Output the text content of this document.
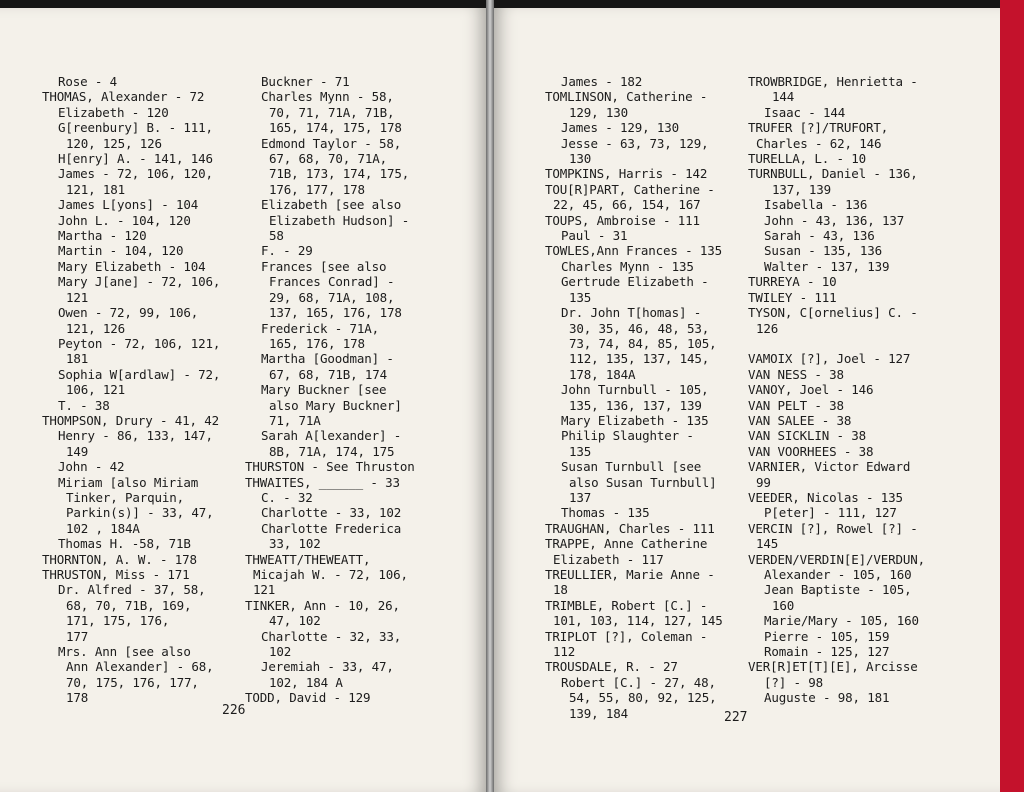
Rose - 4
THOMAS, Alexander - 72
Elizabeth - 120
G[reenbury] B. - 111,
120, 125, 126
H[enry] A. - 141, 146
James - 72, 106, 120,
121, 181
James L[yons] - 104
John L. - 104, 120
Martha - 120
Martin - 104, 120
Mary Elizabeth - 104
Mary J[ane] - 72, 106,
121
Owen - 72, 99, 106,
121, 126
Peyton - 72, 106, 121,
181
Sophia W[ardlaw] - 72,
106, 121
T. - 38
THOMPSON, Drury - 41, 42
Henry - 86, 133, 147,
149
John - 42
Miriam [also Miriam
Tinker, Parquin,
Parkin(s)] - 33, 47,
102 , 184A
Thomas H. -58, 71B
THORNTON, A. W. - 178
THRUSTON, Miss - 171
Dr. Alfred - 37, 58,
68, 70, 71B, 169,
171, 175, 176,
177
Mrs. Ann [see also
Ann Alexander] - 68,
70, 175, 176, 177,
178
Buckner - 71
Charles Mynn - 58,
70, 71, 71A, 71B,
165, 174, 175, 178
Edmond Taylor - 58,
67, 68, 70, 71A,
71B, 173, 174, 175,
176, 177, 178
Elizabeth [see also
Elizabeth Hudson] -
58
F. - 29
Frances [see also
Frances Conrad] -
29, 68, 71A, 108,
137, 165, 176, 178
Frederick - 71A,
165, 176, 178
Martha [Goodman] -
67, 68, 71B, 174
Mary Buckner [see
also Mary Buckner]
71, 71A
Sarah A[lexander] -
8B, 71A, 174, 175
THURSTON - See Thruston
THWAITES, ______ - 33
C. - 32
Charlotte - 33, 102
Charlotte Frederica
33, 102
THWEATT/THEWEATT,
Micajah W. - 72, 106,
121
TINKER, Ann - 10, 26,
47, 102
Charlotte - 32, 33,
102
Jeremiah - 33, 47,
102, 184 A
TODD, David - 129
226
James - 182
TOMLINSON, Catherine -
129, 130
James - 129, 130
Jesse - 63, 73, 129,
130
TOMPKINS, Harris - 142
TOU[R]PART, Catherine -
22, 45, 66, 154, 167
TOUPS, Ambroise - 111
Paul - 31
TOWLES,Ann Frances - 135
Charles Mynn - 135
Gertrude Elizabeth -
135
Dr. John T[homas] -
30, 35, 46, 48, 53,
73, 74, 84, 85, 105,
112, 135, 137, 145,
178, 184A
John Turnbull - 105,
135, 136, 137, 139
Mary Elizabeth - 135
Philip Slaughter -
135
Susan Turnbull [see
also Susan Turnbull]
137
Thomas - 135
TRAUGHAN, Charles - 111
TRAPPE, Anne Catherine
Elizabeth - 117
TREULLIER, Marie Anne -
18
TRIMBLE, Robert [C.] -
101, 103, 114, 127, 145
TRIPLOT [?], Coleman -
112
TROUSDALE, R. - 27
Robert [C.] - 27, 48,
54, 55, 80, 92, 125,
139, 184
TROWBRIDGE, Henrietta -
144
Isaac - 144
TRUFER [?]/TRUFORT,
Charles - 62, 146
TURELLA, L. - 10
TURNBULL, Daniel - 136,
137, 139
Isabella - 136
John - 43, 136, 137
Sarah - 43, 136
Susan - 135, 136
Walter - 137, 139
TURREYA - 10
TWILEY - 111
TYSON, C[ornelius] C. -
126

VAMOIX [?], Joel - 127
VAN NESS - 38
VANOY, Joel - 146
VAN PELT - 38
VAN SALEE - 38
VAN SICKLIN - 38
VAN VOORHEES - 38
VARNIER, Victor Edward
99
VEEDER, Nicolas - 135
P[eter] - 111, 127
VERCIN [?], Rowel [?] -
145
VERDEN/VERDIN[E]/VERDUN,
Alexander - 105, 160
Jean Baptiste - 105,
160
Marie/Mary - 105, 160
Pierre - 105, 159
Romain - 125, 127
VER[R]ET[T][E], Arcisse
[?] - 98
Auguste - 98, 181
227
